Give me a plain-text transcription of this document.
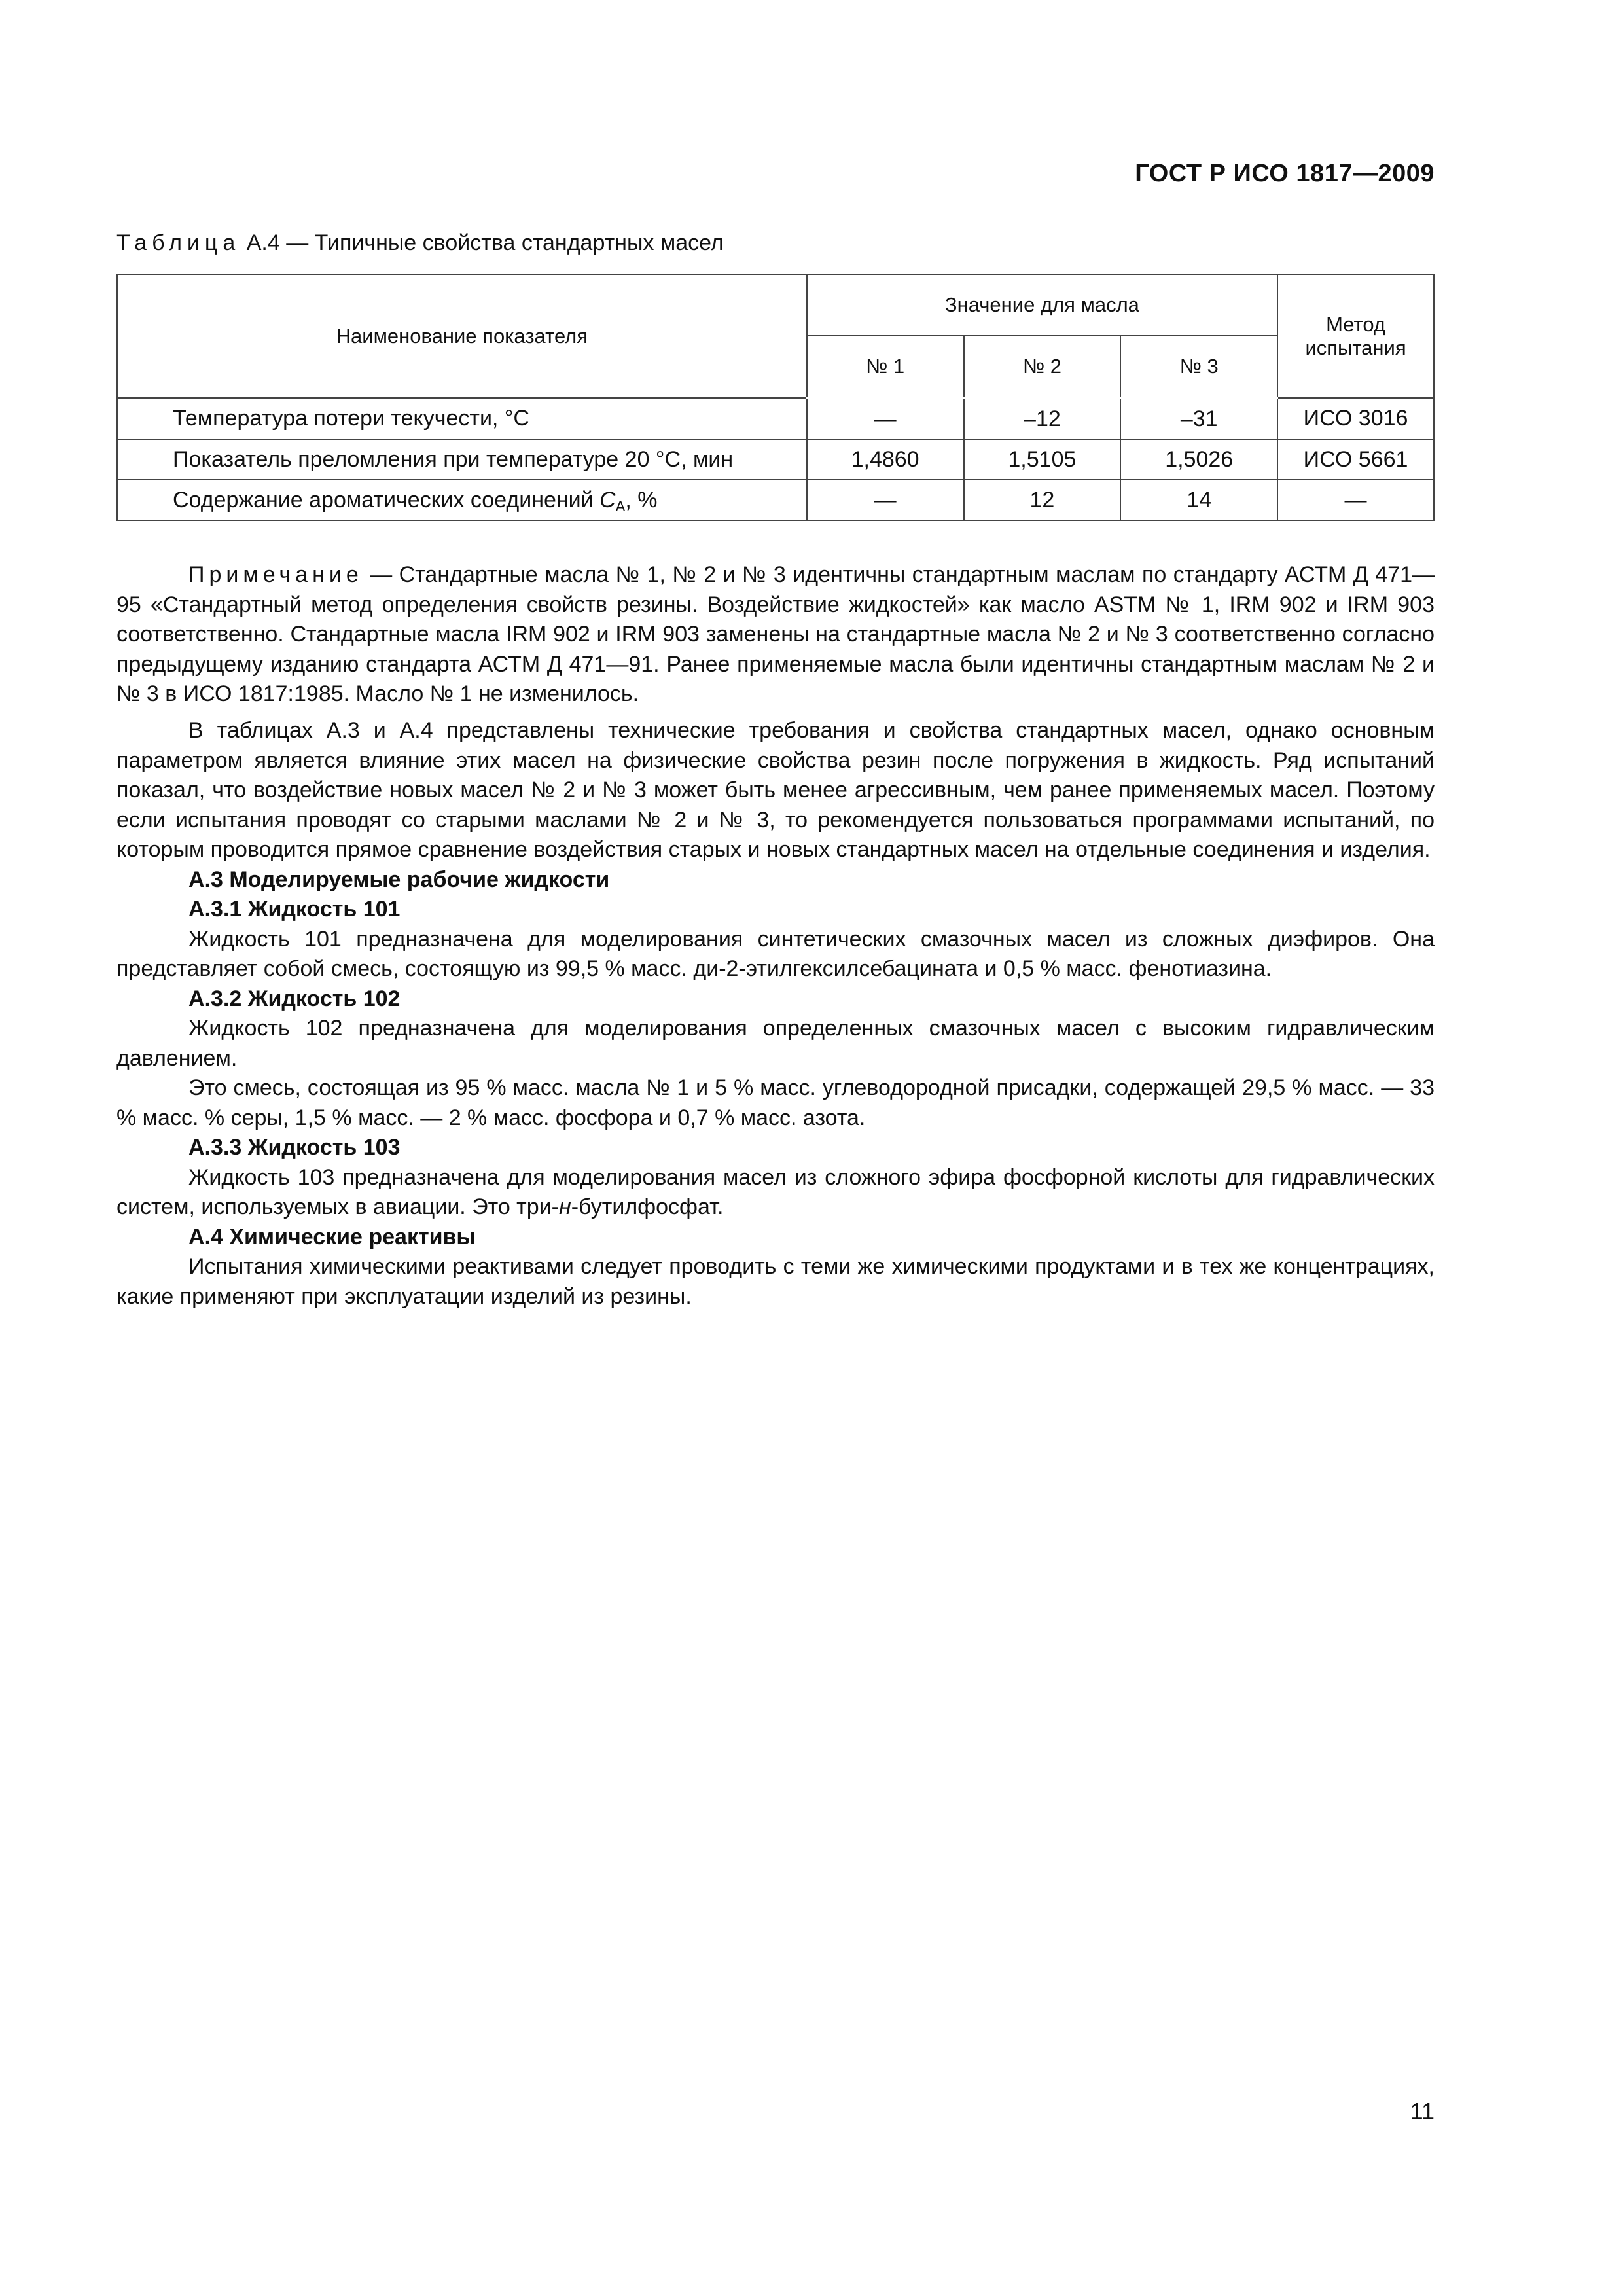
ГОСТ Р ИСО 1817—2009
Таблица А.4 — Типичные свойства стандартных масел
Наименование показателя	Значение для масла			Метод испытания
	№ 1	№ 2	№ 3	
Температура потери текучести, °С	—	–12	–31	ИСО 3016
Показатель преломления при температуре 20 °С, мин	1,4860	1,5105	1,5026	ИСО 5661
Содержание ароматических соединений $C_A$, %	—	12	14	—

Примечание — Стандартные масла № 1, № 2 и № 3 идентичны стандартным маслам по стандарту АСТМ Д 471—95 «Стандартный метод определения свойств резины. Воздействие жидкостей» как масло ASTM № 1, IRM 902 и IRM 903 соответственно. Стандартные масла IRM 902 и IRM 903 заменены на стандартные масла № 2 и № 3 соответственно согласно предыдущему изданию стандарта АСТМ Д 471—91. Ранее применяемые масла были идентичны стандартным маслам № 2 и № 3 в ИСО 1817:1985. Масло № 1 не изменилось.

В таблицах А.3 и А.4 представлены технические требования и свойства стандартных масел, однако основным параметром является влияние этих масел на физические свойства резин после погружения в жидкость. Ряд испытаний показал, что воздействие новых масел № 2 и № 3 может быть менее агрессивным, чем ранее применяемых масел. Поэтому если испытания проводят со старыми маслами № 2 и № 3, то рекомендуется пользоваться программами испытаний, по которым проводится прямое сравнение воздействия старых и новых стандартных масел на отдельные соединения и изделия.

А.3 Моделируемые рабочие жидкости

А.3.1 Жидкость 101

Жидкость 101 предназначена для моделирования синтетических смазочных масел из сложных диэфиров. Она представляет собой смесь, состоящую из 99,5 % масс. ди-2-этилгексилсебацината и 0,5 % масс. фенотиазина.

А.3.2 Жидкость 102

Жидкость 102 предназначена для моделирования определенных смазочных масел с высоким гидравлическим давлением.

Это смесь, состоящая из 95 % масс. масла № 1 и 5 % масс. углеводородной присадки, содержащей 29,5 % масс. — 33 % масс. % серы, 1,5 % масс. — 2 % масс. фосфора и 0,7 % масс. азота.

А.3.3 Жидкость 103

Жидкость 103 предназначена для моделирования масел из сложного эфира фосфорной кислоты для гидравлических систем, используемых в авиации. Это три-н-бутилфосфат.

А.4 Химические реактивы

Испытания химическими реактивами следует проводить с теми же химическими продуктами и в тех же концентрациях, какие применяют при эксплуатации изделий из резины.

11
